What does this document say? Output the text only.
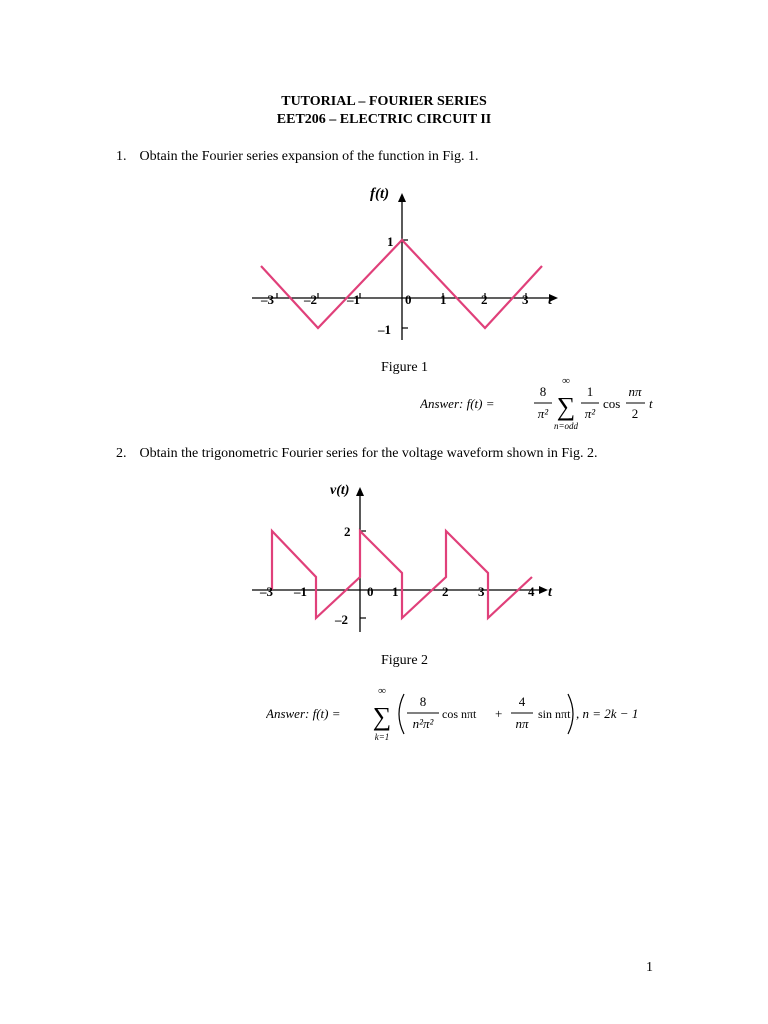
TUTORIAL – FOURIER SERIES
EET206 – ELECTRIC CIRCUIT II
1. Obtain the Fourier series expansion of the function in Fig. 1.
f(t)
t
1
–1
–3 –2 –1	0 1	2	3
Figure 1
Answer: f(t) =
8
π²
∞
∑
n=odd
1
π²
cos
nπ
2
t
2. Obtain the trigonometric Fourier series for the voltage waveform shown in Fig. 2.
v(t)
t
2
–2
–3 –1	0 1	2 3	4
Figure 2
Answer: f(t) =
∞
∑
k=1
8
n²π²
cos nπt +
4
nπ
sin nπt , n = 2k − 1
1
